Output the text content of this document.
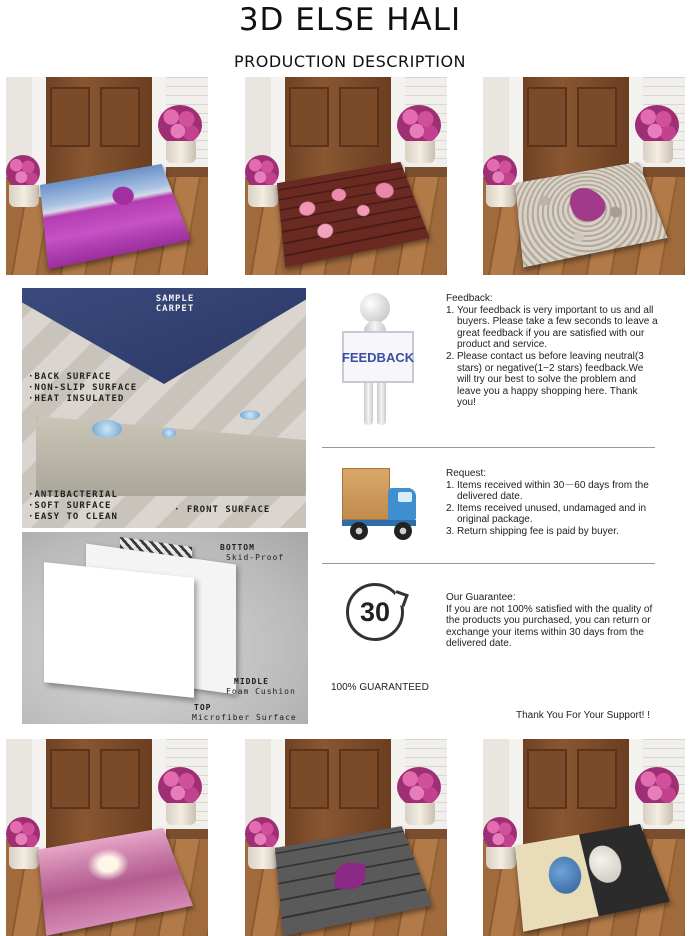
3D ELSE HALI
PRODUCTION DESCRIPTION
SAMPLE
CARPET
·BACK SURFACE
·NON-SLIP SURFACE
·HEAT INSULATED
·ANTIBACTERIAL
·SOFT SURFACE
·EASY TO CLEAN
· FRONT SURFACE
BOTTOM
Skid-Proof
MIDDLE
Foam Cushion
TOP
Microfiber Surface
FEEDBACK
Feedback:
1. Your feedback is very important to us and all buyers. Please take a few seconds to leave a great feedback if you are satisfied with our product and service.
2. Please contact us before leaving neutral(3 stars) or negative(1−2 stars) feedback.We will try our best to solve the problem and leave you a happy shopping here. Thank you!
Request:
1. Items received within 30－60 days from the delivered date.
2. Items received unused, undamaged and in original package.
3. Return shipping fee is paid by buyer.
30
100% GUARANTEED
Our Guarantee:
If you are not 100% satisfied with the quality of the products you purchased, you can return or exchange your items within 30 days from the delivered date.
Thank You For Your Support! !
